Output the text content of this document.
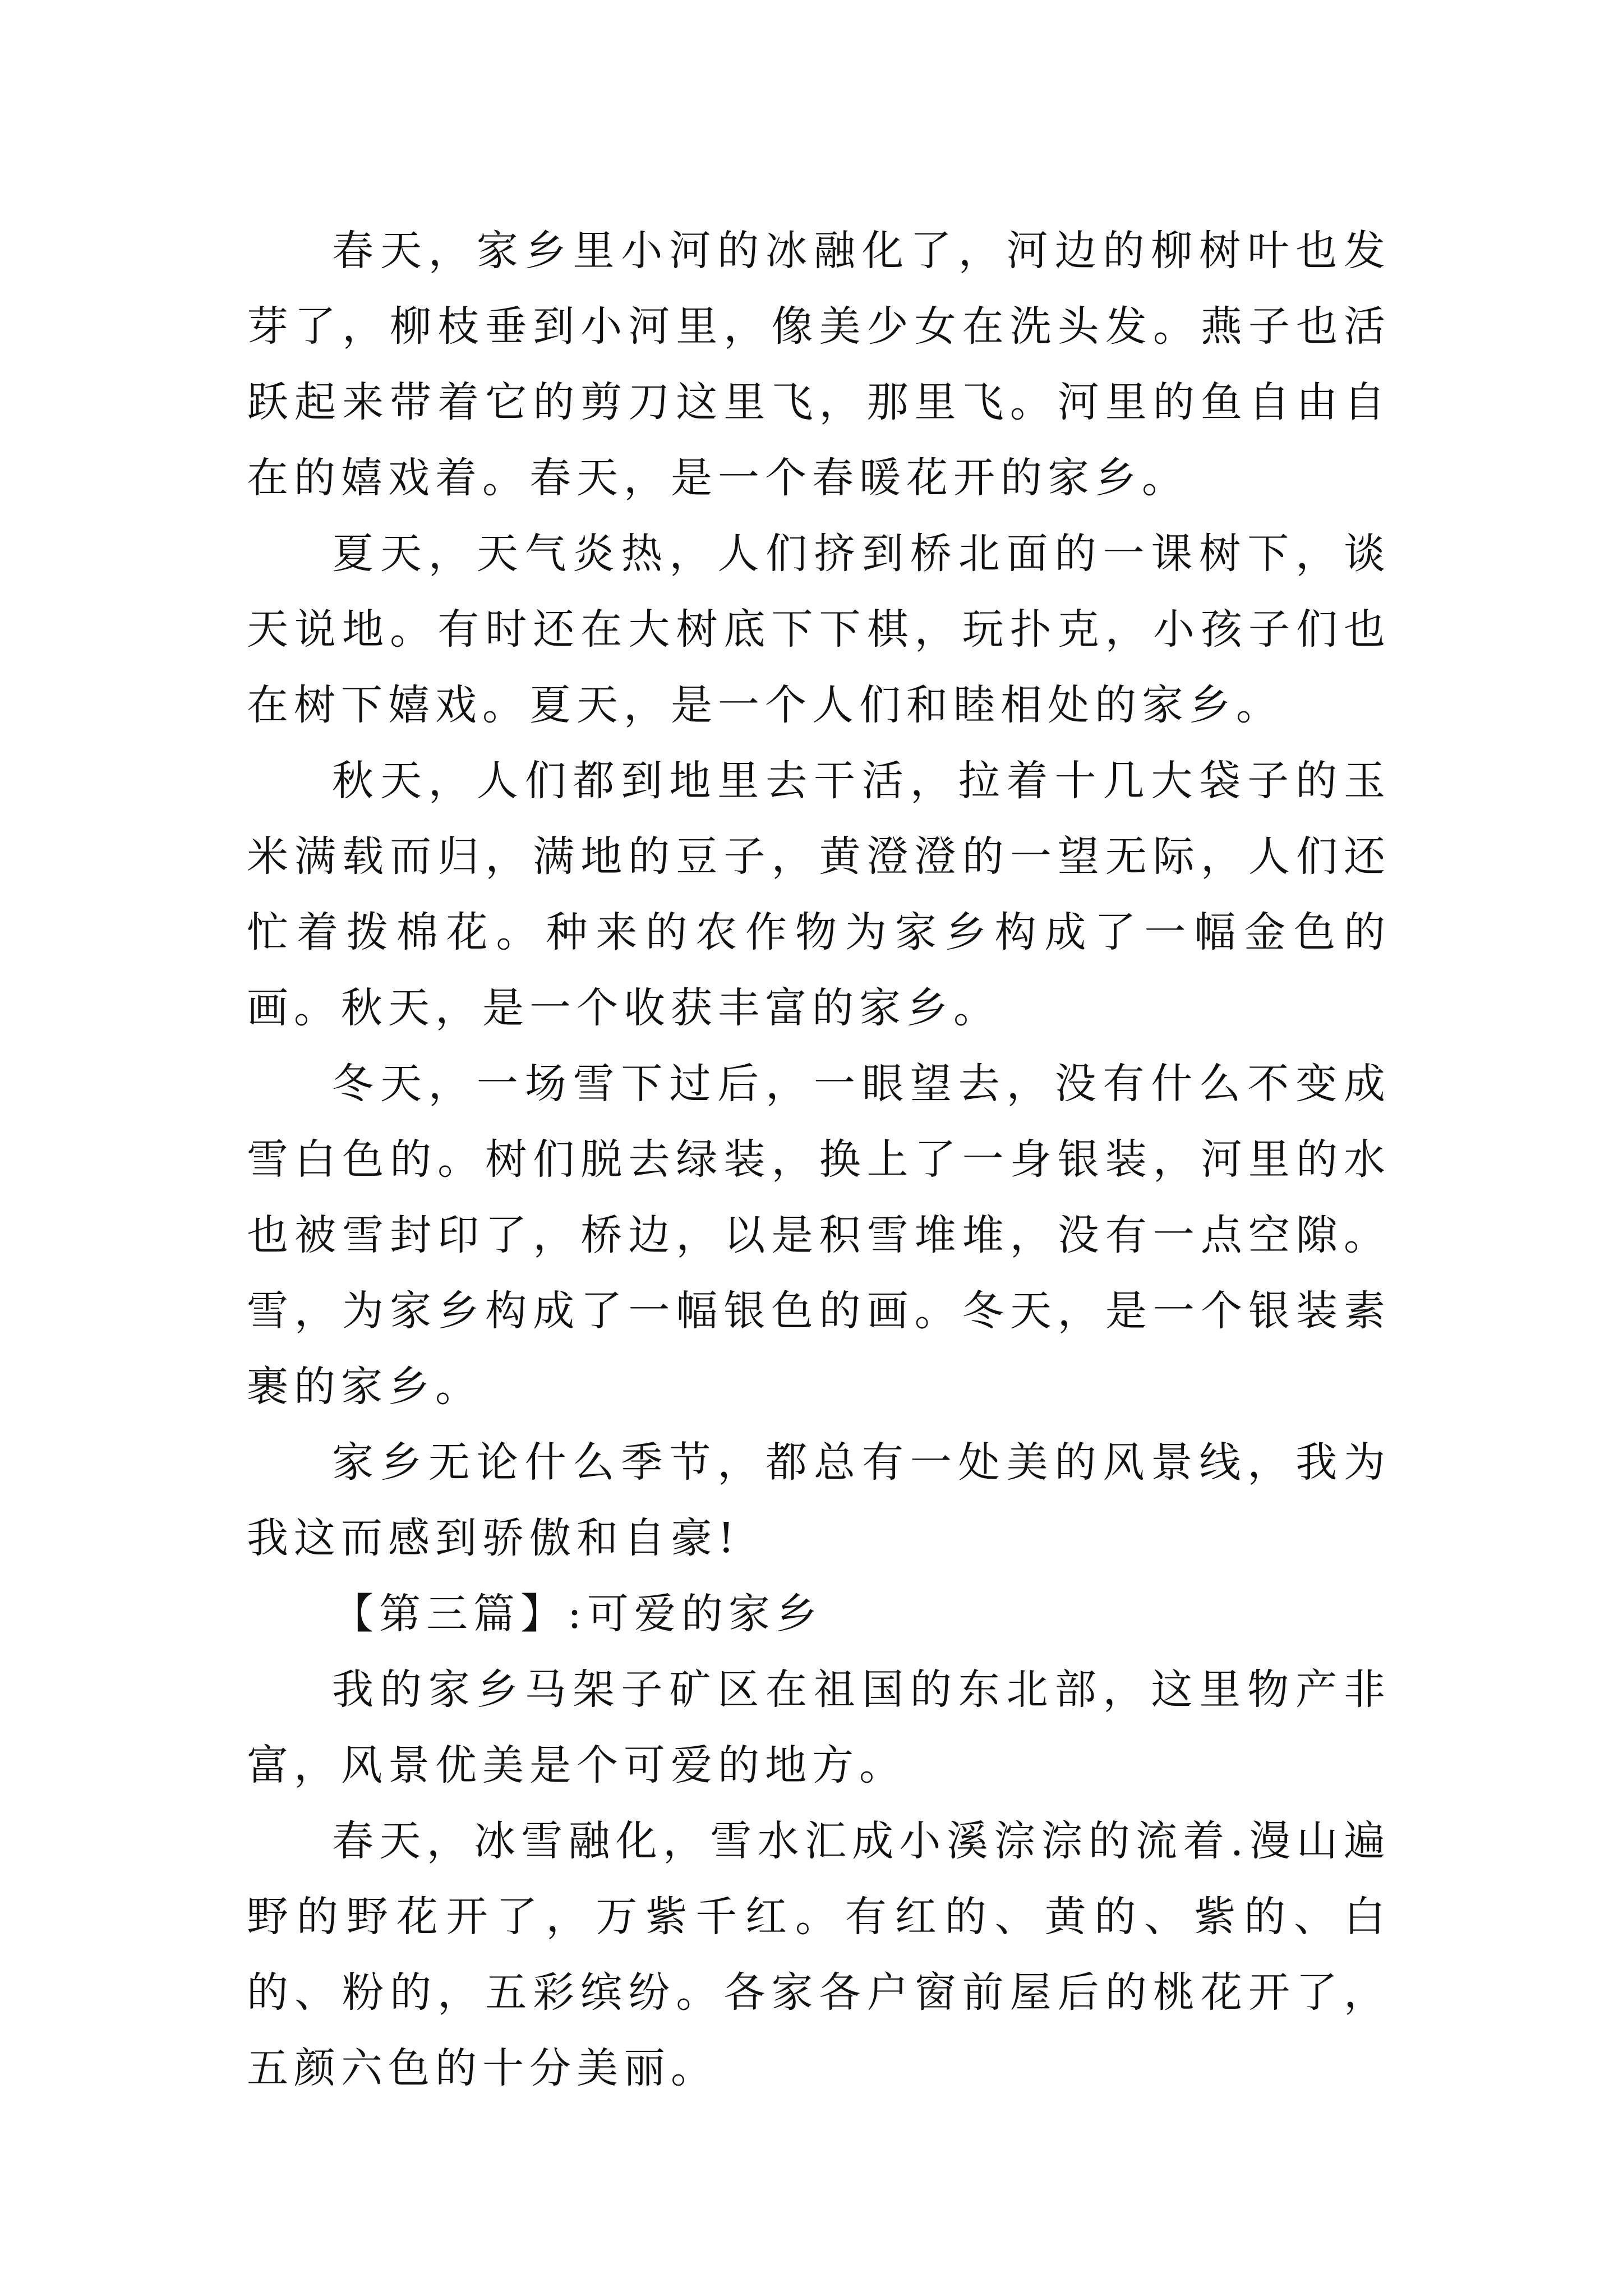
春天，家乡里小河的冰融化了，河边的柳树叶也发芽了，柳枝垂到小河里，像美少女在洗头发。燕子也活跃起来带着它的剪刀这里飞，那里飞。河里的鱼自由自在的嬉戏着。春天，是一个春暖花开的家乡。

夏天，天气炎热，人们挤到桥北面的一课树下，谈天说地。有时还在大树底下下棋，玩扑克，小孩子们也在树下嬉戏。夏天，是一个人们和睦相处的家乡。

秋天，人们都到地里去干活，拉着十几大袋子的玉米满载而归，满地的豆子，黄澄澄的一望无际，人们还忙着拨棉花。种来的农作物为家乡构成了一幅金色的画。秋天，是一个收获丰富的家乡。

冬天，一场雪下过后，一眼望去，没有什么不变成雪白色的。树们脱去绿装，换上了一身银装，河里的水也被雪封印了，桥边，以是积雪堆堆，没有一点空隙。雪，为家乡构成了一幅银色的画。冬天，是一个银装素裹的家乡。

家乡无论什么季节，都总有一处美的风景线，我为我这而感到骄傲和自豪!

【第三篇】:可爱的家乡

我的家乡马架子矿区在祖国的东北部，这里物产非富，风景优美是个可爱的地方。

春天，冰雪融化，雪水汇成小溪淙淙的流着.漫山遍野的野花开了，万紫千红。有红的、黄的、紫的、白的、粉的，五彩缤纷。各家各户窗前屋后的桃花开了，五颜六色的十分美丽。
